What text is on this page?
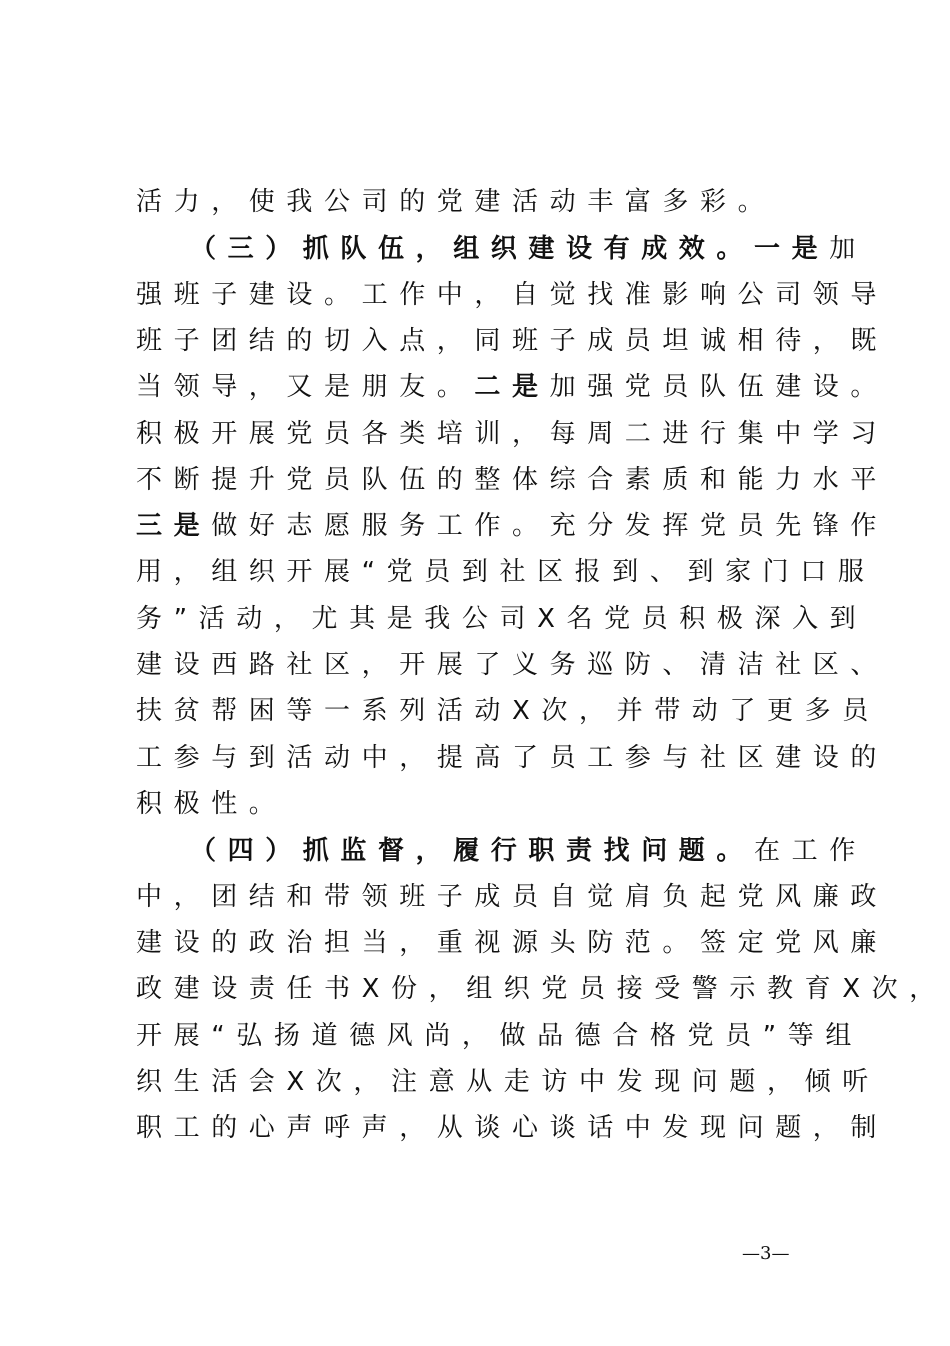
活力，使我公司的党建活动丰富多彩。
（三）抓队伍，组织建设有成效。一是加
强班子建设。工作中，自觉找准影响公司领导
班子团结的切入点，同班子成员坦诚相待，既
当领导，又是朋友。二是加强党员队伍建设。
积极开展党员各类培训，每周二进行集中学习
不断提升党员队伍的整体综合素质和能力水平
三是做好志愿服务工作。充分发挥党员先锋作
用，组织开展“党员到社区报到、到家门口服
务”活动，尤其是我公司X名党员积极深入到
建设西路社区，开展了义务巡防、清洁社区、
扶贫帮困等一系列活动X次，并带动了更多员
工参与到活动中，提高了员工参与社区建设的
积极性。
（四）抓监督，履行职责找问题。在工作
中，团结和带领班子成员自觉肩负起党风廉政
建设的政治担当，重视源头防范。签定党风廉
政建设责任书X份，组织党员接受警示教育X次，
开展“弘扬道德风尚，做品德合格党员”等组
织生活会X次，注意从走访中发现问题，倾听
职工的心声呼声，从谈心谈话中发现问题，制
—3—
